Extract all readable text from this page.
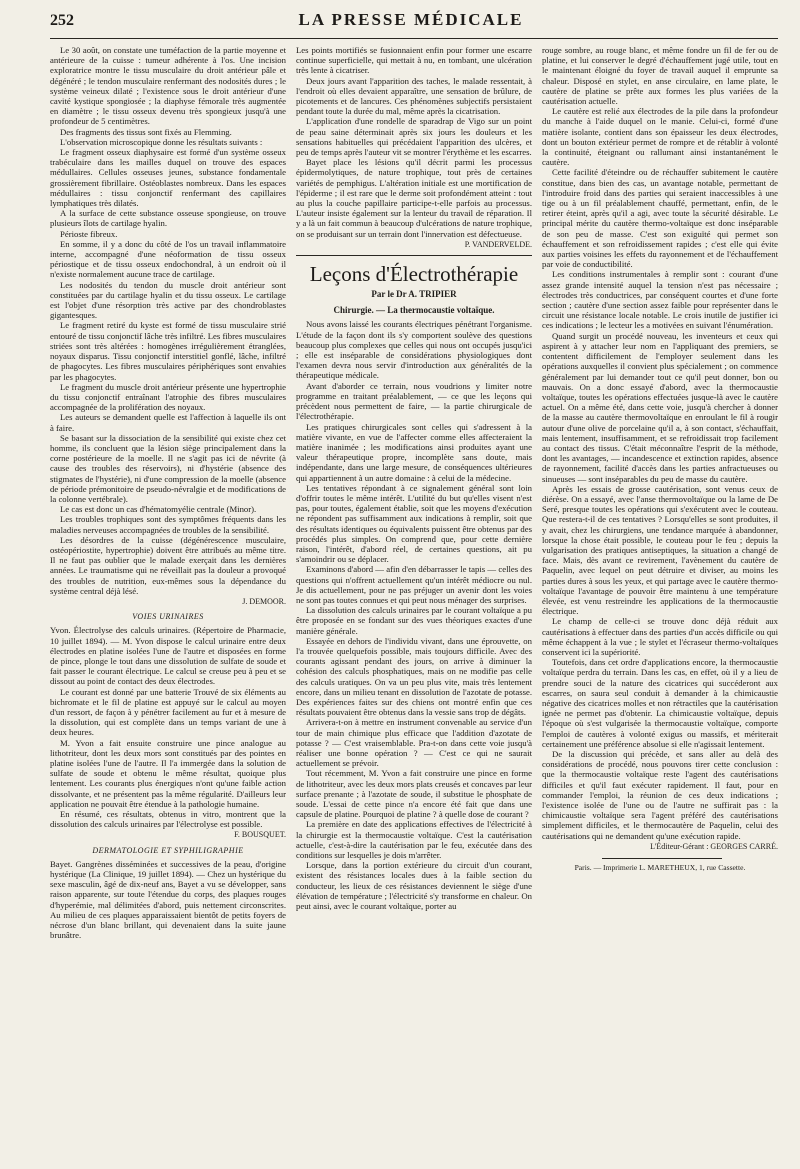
252	LA PRESSE MÉDICALE

Le 30 août, on constate une tuméfaction de la partie moyenne et antérieure de la cuisse : tumeur adhérente à l'os. Une incision exploratrice montre le tissu musculaire du droit antérieur pâle et dégénéré ; le tendon musculaire renfermant des nodosités dures ; le système veineux dilaté ; l'existence sous le droit antérieur d'une cavité kystique spongiosée ; la diaphyse fémorale très augmentée en diamètre ; le tissu osseux devenu très spongieux jusqu'à une profondeur de 5 centimètres.

Des fragments des tissus sont fixés au Flemming.

L'observation microscopique donne les résultats suivants :

Le fragment osseux diaphysaire est formé d'un système osseux trabéculaire dans les mailles duquel on trouve des espaces médullaires. Cellules osseuses jeunes, substance fondamentale grossièrement fibrillaire. Ostéoblastes nombreux. Dans les espaces médullaires : tissu conjonctif renfermant des capillaires lymphatiques très dilatés.

A la surface de cette substance osseuse spongieuse, on trouve plusieurs îlots de cartilage hyalin.

Périoste fibreux.

En somme, il y a donc du côté de l'os un travail inflammatoire interne, accompagné d'une néoformation de tissu osseux périostique et de tissu osseux endochondral, à un endroit où il n'existe normalement aucune trace de cartilage.

Les nodosités du tendon du muscle droit antérieur sont constituées par du cartilage hyalin et du tissu osseux. Le cartilage est l'objet d'une résorption très active par des chondroblastes gigantesques.

Le fragment retiré du kyste est formé de tissu musculaire strié entouré de tissu conjonctif lâche très infiltré. Les fibres musculaires striées sont très altérées : homogènes irrégulièrement étranglées, noyaux disparus. Tissu conjonctif interstitiel gonflé, lâche, infiltré de phagocytes. Les fibres musculaires périphériques sont envahies par les phagocytes.

Le fragment du muscle droit antérieur présente une hypertrophie du tissu conjonctif entraînant l'atrophie des fibres musculaires accompagnée de la prolifération des noyaux.

Les auteurs se demandent quelle est l'affection à laquelle ils ont à faire.

Se basant sur la dissociation de la sensibilité qui existe chez cet homme, ils concluent que la lésion siège principalement dans la corne postérieure de la moelle. Il ne s'agit pas ici de névrite (à cause des troubles des réservoirs), ni d'hystérie (absence des stigmates de l'hystérie), ni d'une compression de la moelle (absence de période prémonitoire de pseudo-névralgie et de modifications de la colonne vertébrale).

Le cas est donc un cas d'hématomyélie centrale (Minor).

Les troubles trophiques sont des symptômes fréquents dans les maladies nerveuses accompagnées de troubles de la sensibilité.

Les désordres de la cuisse (dégénérescence musculaire, ostéopériostite, hypertrophie) doivent être attribués au même titre. Il ne faut pas oublier que le malade exerçait dans les dernières années. Le traumatisme qui ne réveillait pas la douleur a provoqué des troubles de nutrition, eux-mêmes sous la dépendance du système central déjà lésé.

J. DEMOOR.
VOIES URINAIRES

Yvon. Électrolyse des calculs urinaires. (Répertoire de Pharmacie, 10 juillet 1894). — M. Yvon dispose le calcul urinaire entre deux électrodes en platine isolées l'une de l'autre et disposées en forme de pince, plonge le tout dans une dissolution de sulfate de soude et fait passer le courant électrique. Le calcul se creuse peu à peu et se dissout au point de contact des deux électrodes.

Le courant est donné par une batterie Trouvé de six éléments au bichromate et le fil de platine est appuyé sur le calcul au moyen d'un ressort, de façon à y pénétrer facilement au fur et à mesure de la dissolution, qui est complète dans un temps variant de une à deux heures.

M. Yvon a fait ensuite construire une pince analogue au lithotriteur, dont les deux mors sont constitués par des pointes en platine isolées l'une de l'autre. Il l'a immergée dans la solution de sulfate de soude et obtenu le même résultat, quoique plus lentement. Les courants plus énergiques n'ont qu'une faible action dissolvante, et ne présentent pas la même régularité. D'ailleurs leur application ne pouvait être étendue à la pathologie humaine.

En résumé, ces résultats, obtenus in vitro, montrent que la dissolution des calculs urinaires par l'électrolyse est possible.

F. BOUSQUET.
DERMATOLOGIE ET SYPHILIGRAPHIE

Bayet. Gangrènes disséminées et successives de la peau, d'origine hystérique (La Clinique, 19 juillet 1894). — Chez un hystérique du sexe masculin, âgé de dix-neuf ans, Bayet a vu se développer, sans raison apparente, sur toute l'étendue du corps, des plaques rouges d'hyperémie, mal délimitées d'abord, puis nettement circonscrites. Au milieu de ces plaques apparaissaient bientôt de petits foyers de nécrose d'un blanc brillant, qui devenaient dans la suite jaune brunâtre.

Les points mortifiés se fusionnaient enfin pour former une escarre continue superficielle, qui mettait à nu, en tombant, une ulcération très lente à cicatriser.

Deux jours avant l'apparition des taches, le malade ressentait, à l'endroit où elles devaient apparaître, une sensation de brûlure, de picotements et de lancures. Ces phénomènes subjectifs persistaient pendant toute la durée du mal, même après la cicatrisation.

L'application d'une rondelle de sparadrap de Vigo sur un point de peau saine déterminait après six jours les douleurs et les sensations habituelles qui précédaient l'apparition des ulcères, et peu de temps après l'auteur vit se montrer l'érythème et les escarres.

Bayet place les lésions qu'il décrit parmi les processus épidermolytiques, de nature trophique, tout près de certaines variétés de pemphigus. L'altération initiale est une mortification de l'épiderme ; il est rare que le derme soit profondément atteint : tout au plus la couche papillaire participe-t-elle parfois au processus. L'auteur insiste également sur la lenteur du travail de réparation. Il y a là un fait commun à beaucoup d'ulcérations de nature trophique, on se produisant sur un terrain dont l'innervation est défectueuse.

P. VANDERVELDE.
Leçons d'Électrothérapie
Par le Dr A. TRIPIER
Chirurgie. — La thermocaustie voltaïque.

Nous avons laissé les courants électriques pénétrant l'organisme. L'étude de la façon dont ils s'y comportent soulève des questions beaucoup plus complexes que celles qui nous ont occupés jusqu'ici ; elle est inséparable de considérations physiologiques dont l'examen devra nous servir d'introduction aux généralités de la thérapeutique médicale.

Avant d'aborder ce terrain, nous voudrions y limiter notre programme en traitant préalablement, — ce que les leçons qui précèdent nous permettent de faire, — la partie chirurgicale de l'électrothérapie.

Les pratiques chirurgicales sont celles qui s'adressent à la matière vivante, en vue de l'affecter comme elles affecteraient la matière inanimée ; les modifications ainsi produites ayant une valeur thérapeutique propre, incomplète sans doute, mais indépendante, dans une large mesure, de conséquences ultérieures qui appartiennent à un autre domaine : à celui de la médecine.

Les tentatives répondant à ce signalement général sont loin d'offrir toutes le même intérêt. L'utilité du but qu'elles visent n'est pas, pour toutes, également établie, soit que les moyens d'exécution ne répondent pas suffisamment aux indications à remplir, soit que des résultats identiques ou équivalents puissent être obtenus par des procédés plus simples. On comprend que, pour cette dernière raison, l'intérêt, d'abord réel, de certaines questions, ait pu s'amoindrir ou se déplacer.

Examinons d'abord — afin d'en débarrasser le tapis — celles des questions qui n'offrent actuellement qu'un intérêt médiocre ou nul. Je dis actuellement, pour ne pas préjuger un avenir dont les voies ne sont pas toutes connues et qui peut nous ménager des surprises.

La dissolution des calculs urinaires par le courant voltaïque a pu être proposée en se fondant sur des vues théoriques exactes d'une manière générale.

Essayée en dehors de l'individu vivant, dans une éprouvette, on l'a trouvée quelquefois possible, mais toujours difficile. Avec des courants agissant pendant des jours, on arrive à diminuer la cohésion des calculs phosphatiques, mais on ne modifie pas celle des calculs uratiques. On va un peu plus vite, mais très lentement encore, dans un milieu tenant en dissolution de l'azotate de potasse. Des expériences faites sur des chiens ont montré enfin que ces résultats pouvaient être obtenus dans la vessie sans trop de dégâts.

Arrivera-t-on à mettre en instrument convenable au service d'un tour de main chimique plus efficace que l'addition d'azotate de potasse ? — C'est vraisemblable. Pra-t-on dans cette voie jusqu'à réaliser une bonne opération ? — C'est ce qui ne saurait actuellement se prévoir.

Tout récemment, M. Yvon a fait construire une pince en forme de lithotriteur, avec les deux mors plats creusés et concaves par leur surface prenante ; à l'azotate de soude, il substitue le phosphate de soude. L'essai de cette pince n'a encore été fait que dans une capsule de platine. Pourquoi de platine ? à quelle dose de courant ?

La première en date des applications effectives de l'électricité à la chirurgie est la thermocaustie voltaïque. C'est la cautérisation actuelle, c'est-à-dire la cautérisation par le feu, exécutée dans des conditions sur lesquelles je dois m'arrêter.

Lorsque, dans la portion extérieure du circuit d'un courant, existent des résistances locales dues à la faible section du conducteur, les lieux de ces résistances deviennent le siège d'une élévation de température ; l'électricité s'y transforme en chaleur. On peut ainsi, avec le courant voltaïque, porter au

rouge sombre, au rouge blanc, et même fondre un fil de fer ou de platine, et lui conserver le degré d'échauffement jugé utile, tout en le maintenant éloigné du foyer de travail auquel il emprunte sa chaleur. Disposé en stylet, en anse circulaire, en lame plate, le cautère de platine se prête aux formes les plus variées de la cautérisation actuelle.

Le cautère est relié aux électrodes de la pile dans la profondeur du manche à l'aide duquel on le manie. Celui-ci, formé d'une matière isolante, contient dans son épaisseur les deux électrodes, dont un bouton extérieur permet de rompre et de rétablir à volonté la continuité, éteignant ou rallumant ainsi instantanément le cautère.

Cette facilité d'éteindre ou de réchauffer subitement le cautère constitue, dans bien des cas, un avantage notable, permettant de l'introduire froid dans des parties qui seraient inaccessibles à une tige ou à un fil préalablement chauffé, permettant, enfin, de le retirer éteint, après qu'il a agi, avec toute la sécurité désirable. Le principal mérite du cautère thermo-voltaïque est donc inséparable de son peu de masse. C'est son exiguïté qui permet son échauffement et son refroidissement rapides ; c'est elle qui évite aux parties voisines les effets du rayonnement et de l'échauffement par voie de conductibilité.

Les conditions instrumentales à remplir sont : courant d'une assez grande intensité auquel la tension n'est pas nécessaire ; électrodes très conductrices, par conséquent courtes et d'une forte section ; cautère d'une section assez faible pour représenter dans le circuit une résistance locale notable. Le crois inutile de justifier ici ces indications ; le lecteur les a motivées en suivant l'énumération.

Quand surgit un procédé nouveau, les inventeurs et ceux qui aspirent à y attacher leur nom en l'appliquant des premiers, se contentent difficilement de l'employer seulement dans les opérations auxquelles il convient plus spécialement ; on commence généralement par lui demander tout ce qu'il peut donner, bon ou mauvais. On a donc essayé d'abord, avec la thermocaustie voltaïque, toutes les opérations effectuées jusque-là avec le cautère actuel. On a même été, dans cette voie, jusqu'à chercher à donner de la masse au cautère thermovoltaïque en enroulant le fil à rougir autour d'une olive de porcelaine qu'il a, à son contact, s'échauffait, mais lentement, insuffisamment, et se refroidissait trop facilement au contact des tissus. C'était méconnaître l'esprit de la méthode, dont les avantages, — incandescence et extinction rapides, absence de rayonnement, facilité d'accès dans les parties anfractueuses ou sinueuses — sont inséparables du peu de masse du cautère.

Après les essais de grosse cautérisation, sont venus ceux de diérèse. On a essayé, avec l'anse thermovoltaïque ou la lame de De Seré, presque toutes les opérations qui s'exécutent avec le couteau. Que restera-t-il de ces tentatives ? Lorsqu'elles se sont produites, il y avait, chez les chirurgiens, une tendance marquée à abandonner, lorsque la chose était possible, le couteau pour le feu ; depuis la vulgarisation des pratiques antiseptiques, la situation a changé de face. Mais, dès avant ce revirement, l'avènement du cautère de Paquelin, avec lequel on peut détruire et diviser, au moins les parties dures à sous les yeux, et qui partage avec le cautère thermo-voltaïque l'avantage de pouvoir être maintenu à une température élevée, est venu restreindre les applications de la thermocaustie électrique.

Le champ de celle-ci se trouve donc déjà réduit aux cautérisations à effectuer dans des parties d'un accès difficile ou qui même échappent à la vue ; le stylet et l'écraseur thermo-voltaïques conservent ici la supériorité.

Toutefois, dans cet ordre d'applications encore, la thermocaustie voltaïque perdra du terrain. Dans les cas, en effet, où il y a lieu de prendre souci de la nature des cicatrices qui succéderont aux escarres, on saura seul conduit à demander à la chimicaustie négative des cicatrices molles et non rétractiles que la cautérisation ignée ne permet pas d'obtenir. La chimicaustie voltaïque, depuis l'époque où s'est vulgarisée la thermocaustie voltaïque, comporte l'emploi de cautères à volonté exigus ou massifs, et mériterait certainement une préférence absolue si elle n'agissait lentement.

De la discussion qui précède, et sans aller au delà des considérations de procédé, nous pouvons tirer cette conclusion : que la thermocaustie voltaïque reste l'agent des cautérisations difficiles et qu'il faut exécuter rapidement. Il faut, pour en commander l'emploi, la réunion de ces deux indications ; l'existence isolée de l'une ou de l'autre ne suffirait pas : la chimicaustie voltaïque sera l'agent préféré des cautérisations simplement difficiles, et le thermocautère de Paquelin, celui des cautérisations qui ne demandent qu'une exécution rapide.

L'Éditeur-Gérant : GEORGES CARRÉ.
Paris. — Imprimerie L. MARETHEUX, 1, rue Cassette.
